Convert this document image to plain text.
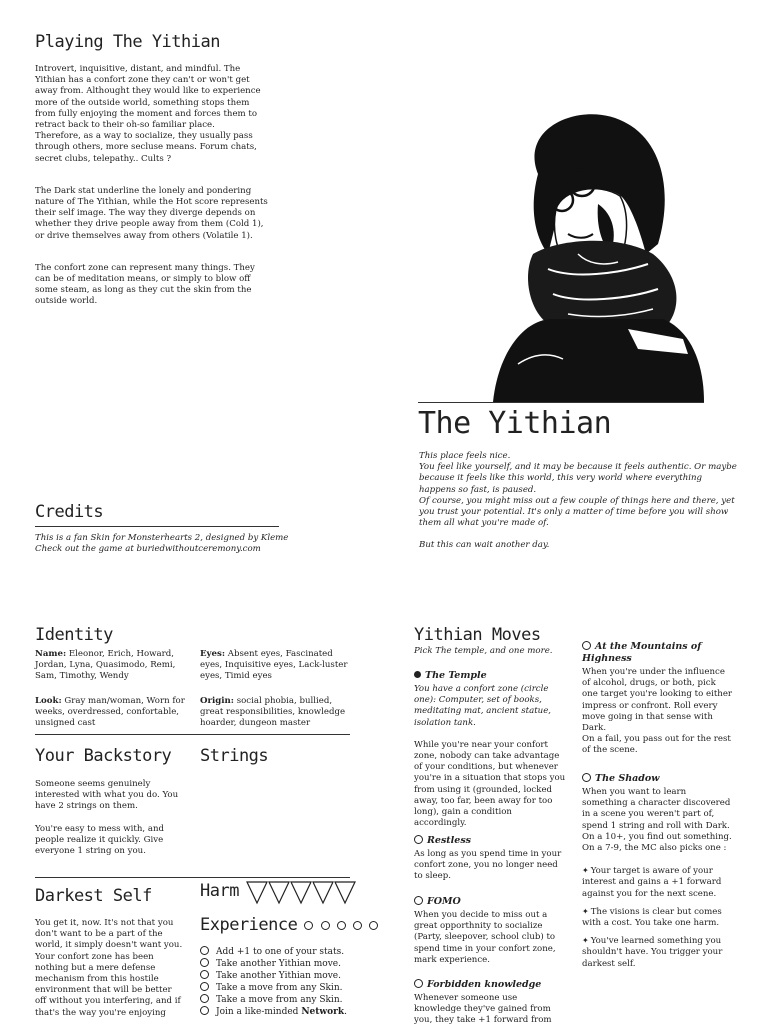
Playing The Yithian

Introvert, inquisitive, distant, and mindful. The Yithian has a confort zone they can't or won't get away from. Althought they would like to experience more of the outside world, something stops them from fully enjoying the moment and forces them to retract back to their oh-so familiar place.

Therefore, as a way to socialize, they usually pass through others, more secluse means. Forum chats, secret clubs, telepathy.. Cults ?

The Dark stat underline the lonely and pondering nature of The Yithian, while the Hot score represents their self image. The way they diverge depends on whether they drive people away from them (Cold 1), or drive themselves away from others (Volatile 1).

The confort zone can represent many things. They can be of meditation means, or simply to blow off some steam, as long as they cut the skin from the outside world.

The Yithian

This place feels nice.

You feel like yourself, and it may be because it feels authentic. Or maybe because it feels like this world, this very world where everything happens so fast, is paused.

Of course, you might miss out a few couple of things here and there, yet you trust your potential. It's only a matter of time before you will show them all what you're made of.

But this can wait another day.

Credits

This is a fan Skin for Monsterhearts 2, designed by Kleme

Check out the game at buriedwithoutceremony.com

Identity
Name: Eleonor, Erich, Howard, Jordan, Lyna, Quasimodo, Remi, Sam, Timothy, Wendy
Eyes: Absent eyes, Fascinated eyes, Inquisitive eyes, Lack-luster eyes, Timid eyes
Look: Gray man/woman, Worn for weeks, overdressed, confortable, unsigned cast
Origin: social phobia, bullied, great responsibilities, knowledge hoarder, dungeon master
Your Backstory

Someone seems genuinely interested with what you do. You have 2 strings on them.

You're easy to mess with, and people realize it quickly. Give everyone 1 string on you.

Strings
Darkest Self
You get it, now. It's not that you don't want to be a part of the world, it simply doesn't want you. Your confort zone has been nothing but a mere defense mechanism from this hostile environment that will be better off without you interfering, and if that's the way you're enjoying
Harm
Experience
Add +1 to one of your stats.
Take another Yithian move.
Take another Yithian move.
Take a move from any Skin.
Take a move from any Skin.
Join a like-minded Network.
Yithian Moves
Pick The temple, and one more.
The Temple
You have a confort zone (circle one): Computer, set of books, meditating mat, ancient statue, isolation tank.
While you're near your confort zone, nobody can take advantage of your conditions, but whenever you're in a situation that stops you from using it (grounded, locked away, too far, been away for too long), gain a condition accordingly.
Restless
As long as you spend time in your confort zone, you no longer need to sleep.
FOMO
When you decide to miss out a great opporthnity to socialize (Party, sleepover, school club) to spend time in your confort zone, mark experience.
Forbidden knowledge
Whenever someone use knowledge they've gained from you, they take +1 forward from
At the Mountains of Highness
When you're under the influence of alcohol, drugs, or both, pick one target you're looking to either impress or confront. Roll every move going in that sense with Dark.
On a fail, you pass out for the rest of the scene.
The Shadow
When you want to learn something a character discovered in a scene you weren't part of, spend 1 string and roll with Dark.
On a 10+, you find out something.
On a 7-9, the MC also picks one :
✦ Your target is aware of your interest and gains a +1 forward against you for the next scene.
✦ The visions is clear but comes with a cost. You take one harm.
✦ You've learned something you shouldn't have. You trigger your darkest self.
